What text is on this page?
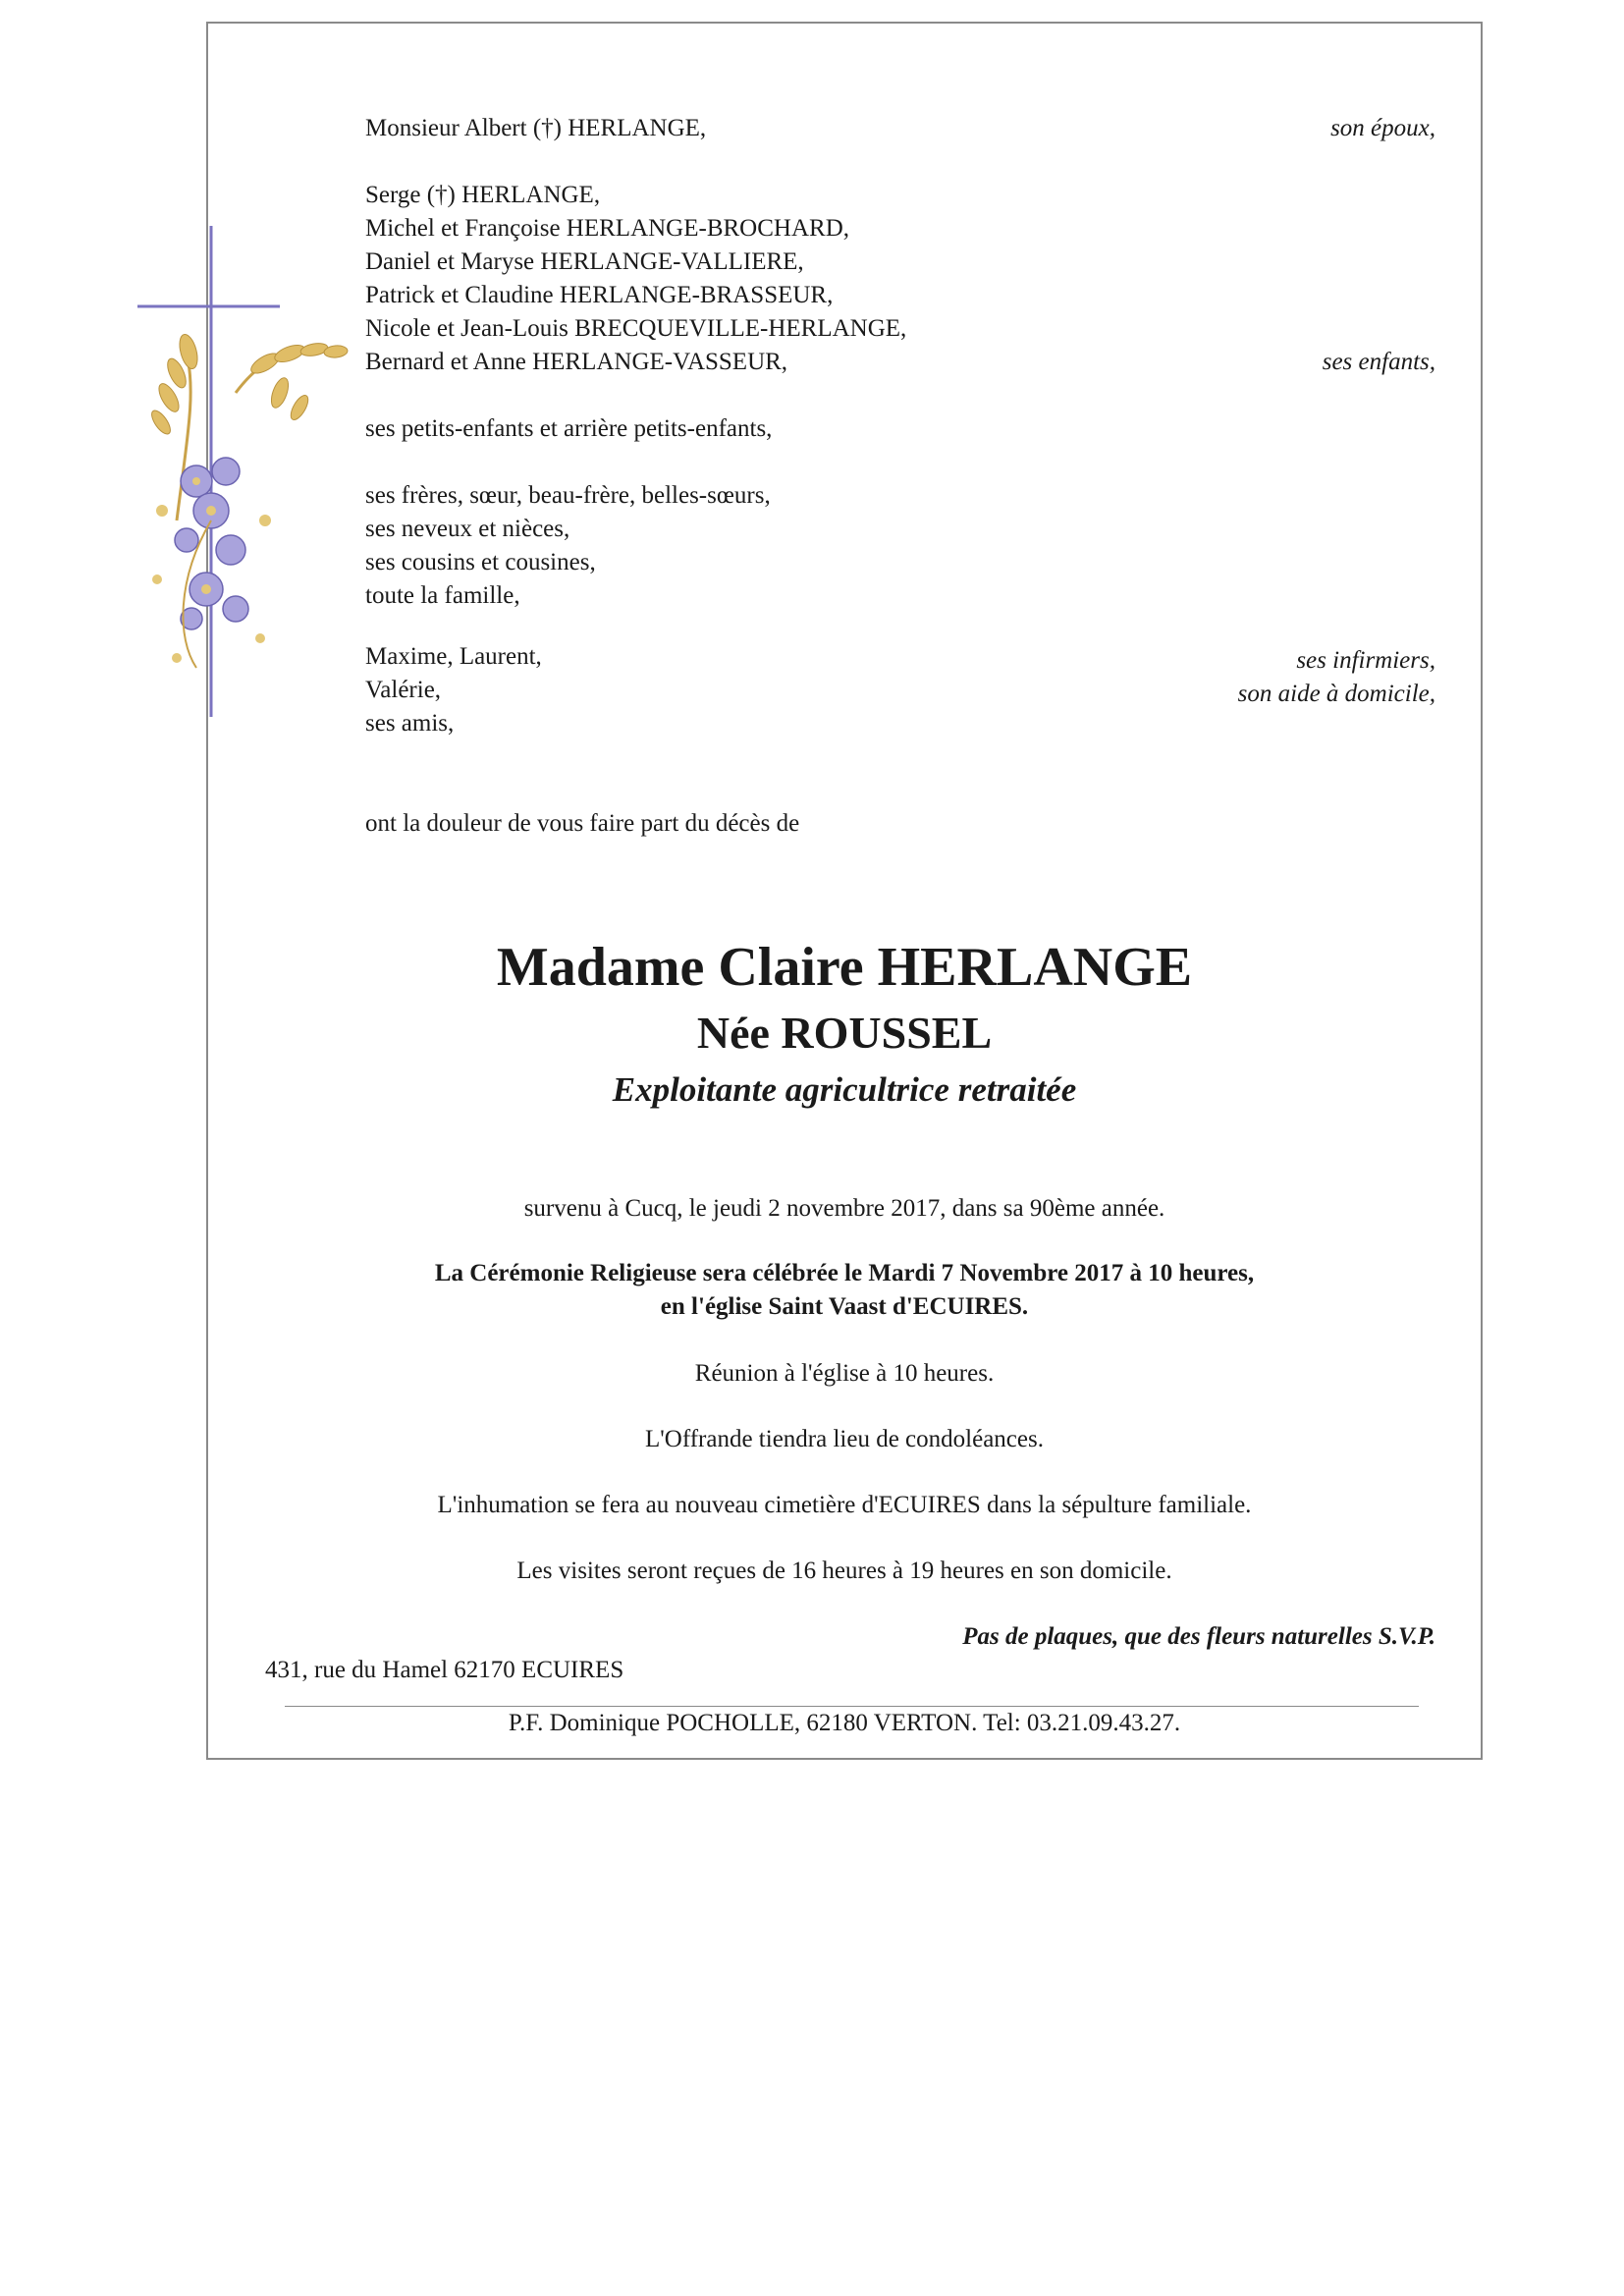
Monsieur Albert (†) HERLANGE,	son époux,
Serge (†) HERLANGE,
Michel et Françoise HERLANGE-BROCHARD,
Daniel et Maryse HERLANGE-VALLIERE,
Patrick et Claudine HERLANGE-BRASSEUR,
Nicole et Jean-Louis BRECQUEVILLE-HERLANGE,
Bernard et Anne HERLANGE-VASSEUR,	ses enfants,
ses petits-enfants et arrière petits-enfants,
ses frères, sœur, beau-frère, belles-sœurs,
ses neveux et nièces,
ses cousins et cousines,
toute la famille,
Maxime, Laurent,
Valérie,
ses amis,
ses infirmiers,
son aide à domicile,
ont la douleur de vous faire part du décès de
Madame Claire HERLANGE
Née ROUSSEL
Exploitante agricultrice retraitée
survenu à Cucq, le jeudi 2 novembre 2017, dans sa 90ème année.
La Cérémonie Religieuse sera célébrée le Mardi 7 Novembre 2017 à 10 heures,
en l'église Saint Vaast d'ECUIRES.
Réunion à l'église à 10 heures.
L'Offrande tiendra lieu de condoléances.
L'inhumation se fera au nouveau cimetière d'ECUIRES dans la sépulture familiale.
Les visites seront reçues de 16 heures à 19 heures en son domicile.
Pas de plaques, que des fleurs naturelles S.V.P.
431, rue du Hamel 62170 ECUIRES
P.F. Dominique POCHOLLE, 62180 VERTON. Tel: 03.21.09.43.27.
